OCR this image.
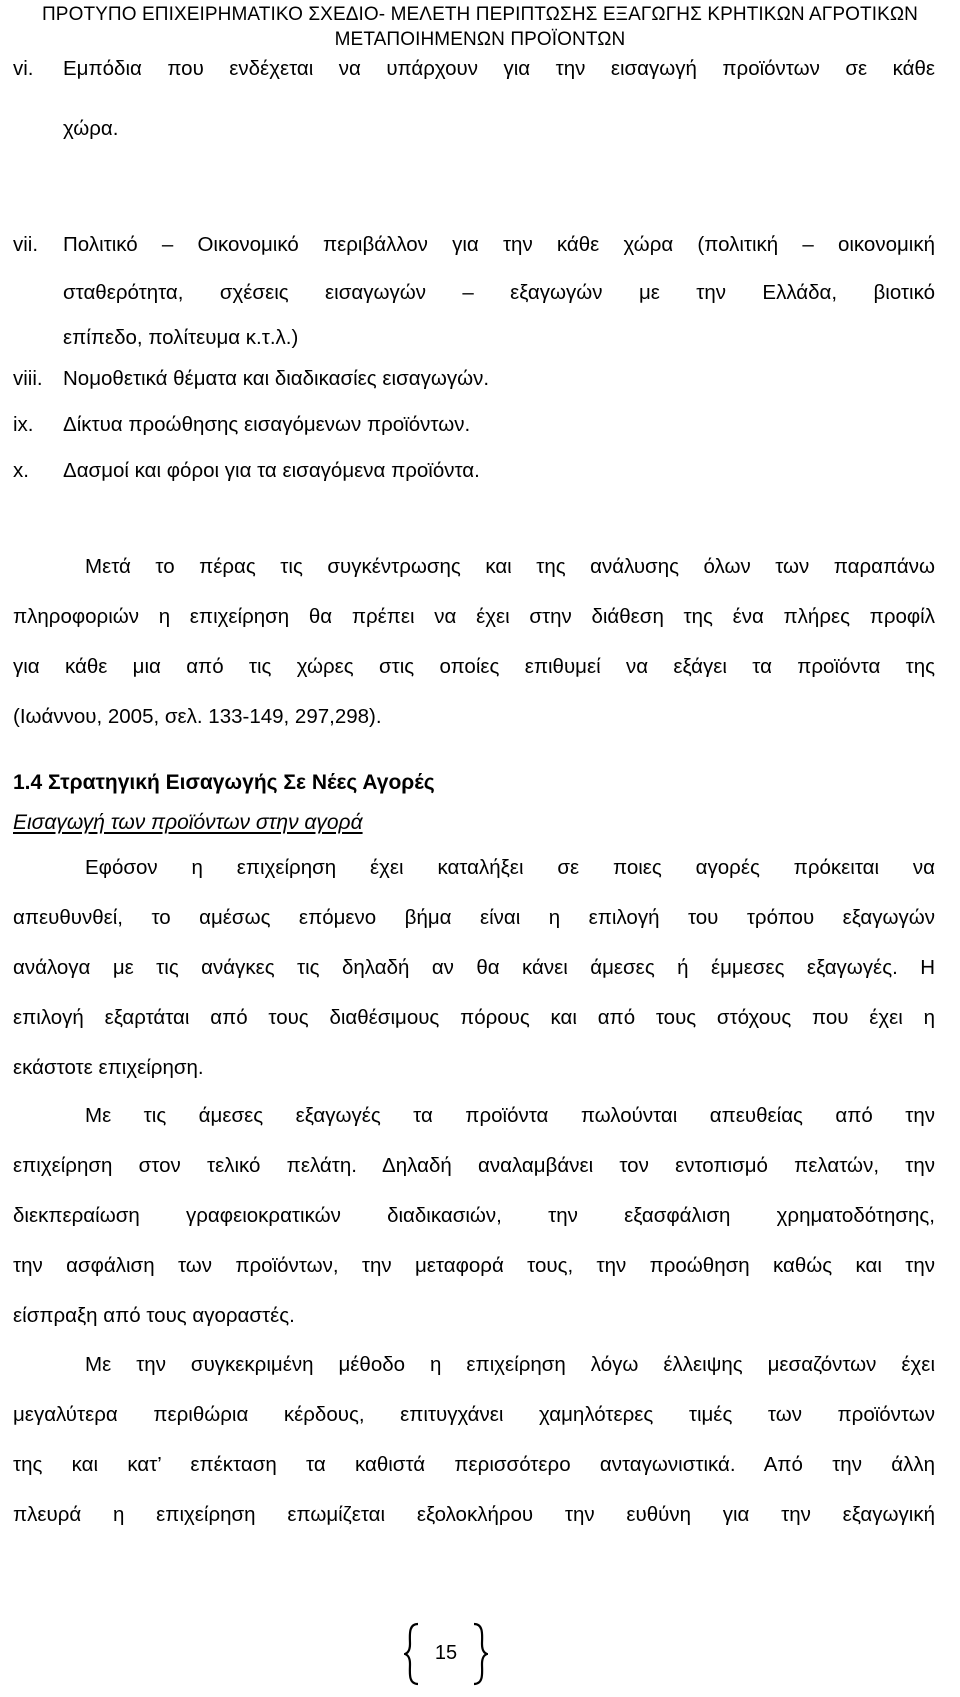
ΠΡΟΤΥΠΟ ΕΠΙΧΕΙΡΗΜΑΤΙΚΟ ΣΧΕΔΙΟ- ΜΕΛΕΤΗ ΠΕΡΙΠΤΩΣΗΣ ΕΞΑΓΩΓΗΣ ΚΡΗΤΙΚΩΝ ΑΓΡΟΤΙΚΩΝ
ΜΕΤΑΠΟΙΗΜΕΝΩΝ ΠΡΟΪΟΝΤΩΝ
vi. Εμπόδια που ενδέχεται να υπάρχουν για την εισαγωγή προϊόντων σε κάθε
χώρα.
vii. Πολιτικό – Οικονομικό περιβάλλον για την κάθε χώρα (πολιτική – οικονομική
σταθερότητα, σχέσεις εισαγωγών – εξαγωγών με την Ελλάδα, βιοτικό
επίπεδο, πολίτευμα κ.τ.λ.)
viii. Νομοθετικά θέματα και διαδικασίες εισαγωγών.
ix. Δίκτυα προώθησης εισαγόμενων προϊόντων.
x. Δασμοί και φόροι για τα εισαγόμενα προϊόντα.
Μετά το πέρας τις συγκέντρωσης και της ανάλυσης όλων των παραπάνω
πληροφοριών η επιχείρηση θα πρέπει να έχει στην διάθεση της ένα πλήρες προφίλ
για κάθε μια από τις χώρες στις οποίες επιθυμεί να εξάγει τα προϊόντα της
(Ιωάννου, 2005, σελ. 133-149, 297,298).
1.4 Στρατηγική Εισαγωγής Σε Νέες Αγορές
Εισαγωγή των προϊόντων στην αγορά
Εφόσον η επιχείρηση έχει καταλήξει σε ποιες αγορές πρόκειται να
απευθυνθεί, το αμέσως επόμενο βήμα είναι η επιλογή του τρόπου εξαγωγών
ανάλογα με τις ανάγκες τις δηλαδή αν θα κάνει άμεσες ή έμμεσες εξαγωγές. Η
επιλογή εξαρτάται από τους διαθέσιμους πόρους και από τους στόχους που έχει η
εκάστοτε επιχείρηση.
Με τις άμεσες εξαγωγές τα προϊόντα πωλούνται απευθείας από την
επιχείρηση στον τελικό πελάτη. Δηλαδή αναλαμβάνει τον εντοπισμό πελατών, την
διεκπεραίωση γραφειοκρατικών διαδικασιών, την εξασφάλιση χρηματοδότησης,
την ασφάλιση των προϊόντων, την μεταφορά τους, την προώθηση καθώς και την
είσπραξη από τους αγοραστές.
Με την συγκεκριμένη μέθοδο η επιχείρηση λόγω έλλειψης μεσαζόντων έχει
μεγαλύτερα περιθώρια κέρδους, επιτυγχάνει χαμηλότερες τιμές των προϊόντων
της και κατ’ επέκταση τα καθιστά περισσότερο ανταγωνιστικά. Από την άλλη
πλευρά η επιχείρηση επωμίζεται εξολοκλήρου την ευθύνη για την εξαγωγική
15
